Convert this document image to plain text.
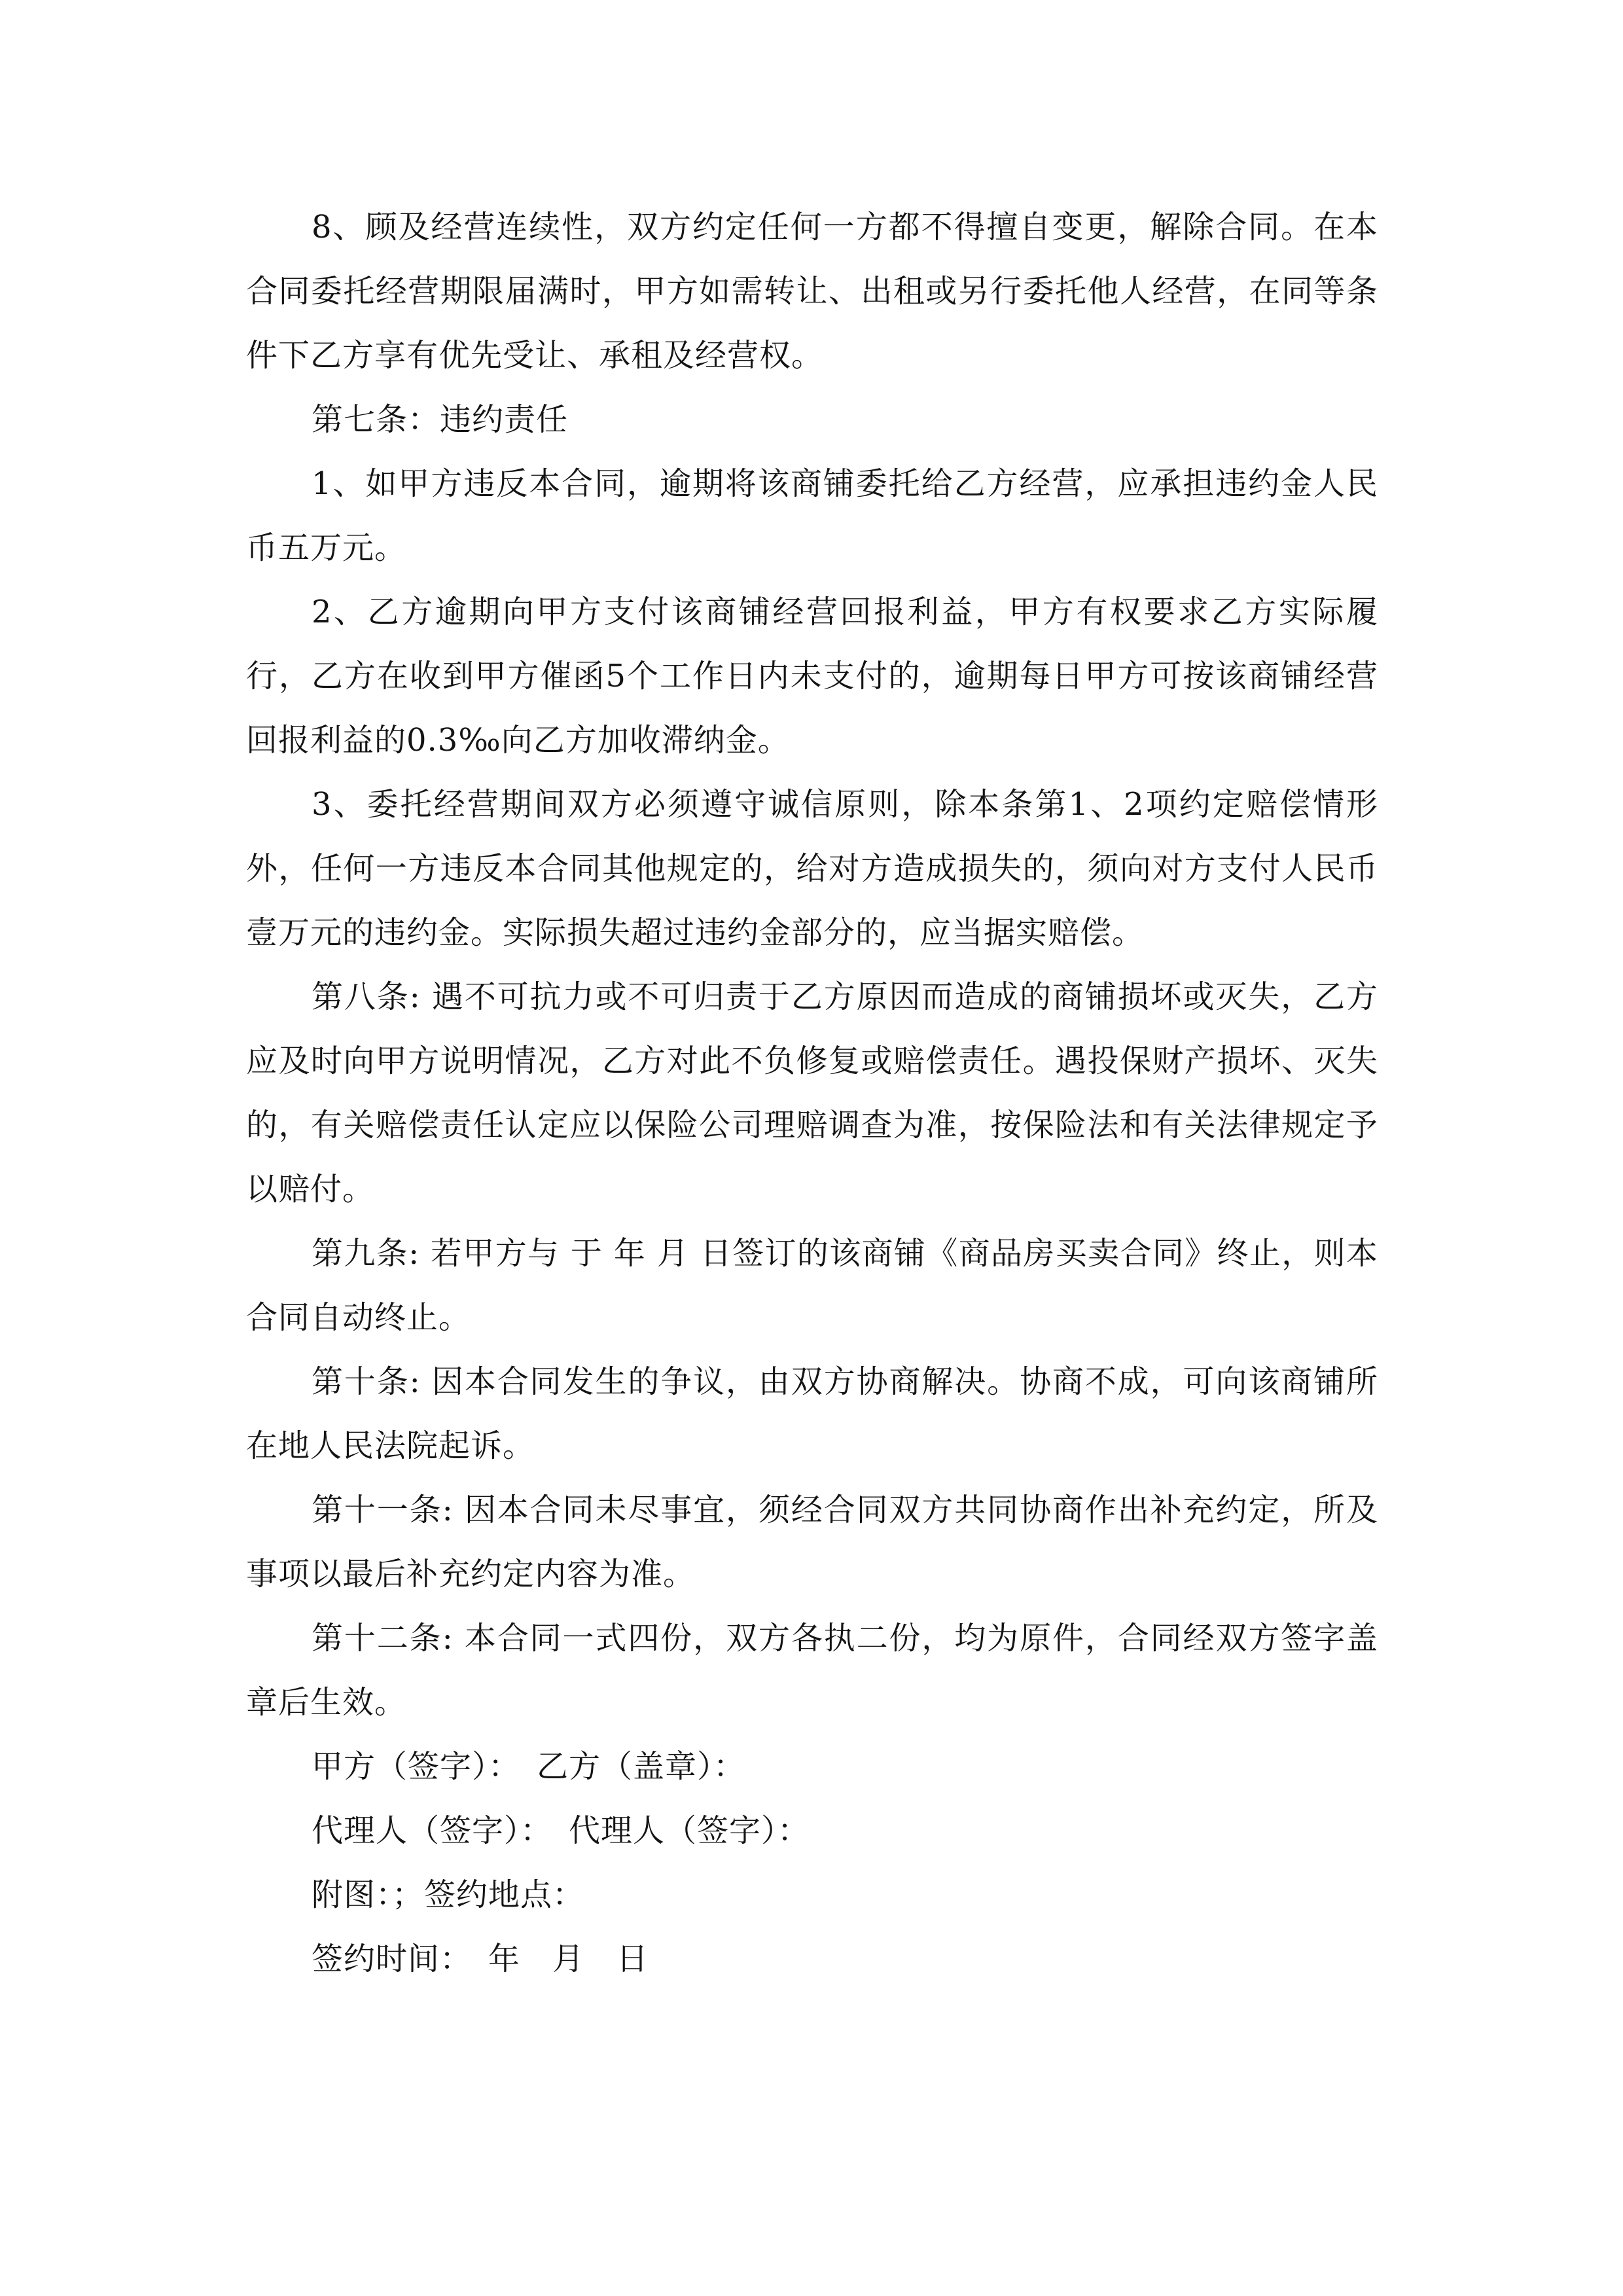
8、顾及经营连续性，双方约定任何一方都不得擅自变更，解除合同。在本合同委托经营期限届满时，甲方如需转让、出租或另行委托他人经营，在同等条件下乙方享有优先受让、承租及经营权。

第七条：违约责任

1、如甲方违反本合同，逾期将该商铺委托给乙方经营，应承担违约金人民币五万元。

2、乙方逾期向甲方支付该商铺经营回报利益，甲方有权要求乙方实际履行，乙方在收到甲方催函5个工作日内未支付的，逾期每日甲方可按该商铺经营回报利益的0.3‰向乙方加收滞纳金。

3、委托经营期间双方必须遵守诚信原则，除本条第1、2项约定赔偿情形外，任何一方违反本合同其他规定的，给对方造成损失的，须向对方支付人民币壹万元的违约金。实际损失超过违约金部分的，应当据实赔偿。

第八条: 遇不可抗力或不可归责于乙方原因而造成的商铺损坏或灭失，乙方应及时向甲方说明情况，乙方对此不负修复或赔偿责任。遇投保财产损坏、灭失的，有关赔偿责任认定应以保险公司理赔调查为准，按保险法和有关法律规定予以赔付。

第九条: 若甲方与 于 年 月 日签订的该商铺《商品房买卖合同》终止，则本合同自动终止。

第十条: 因本合同发生的争议，由双方协商解决。协商不成，可向该商铺所在地人民法院起诉。

第十一条: 因本合同未尽事宜，须经合同双方共同协商作出补充约定，所及事项以最后补充约定内容为准。

第十二条: 本合同一式四份，双方各执二份，均为原件，合同经双方签字盖章后生效。

甲方（签字）：　乙方（盖章）：

代理人（签字）：　代理人（签字）：

附图：；签约地点：

签约时间：　年　月　日
